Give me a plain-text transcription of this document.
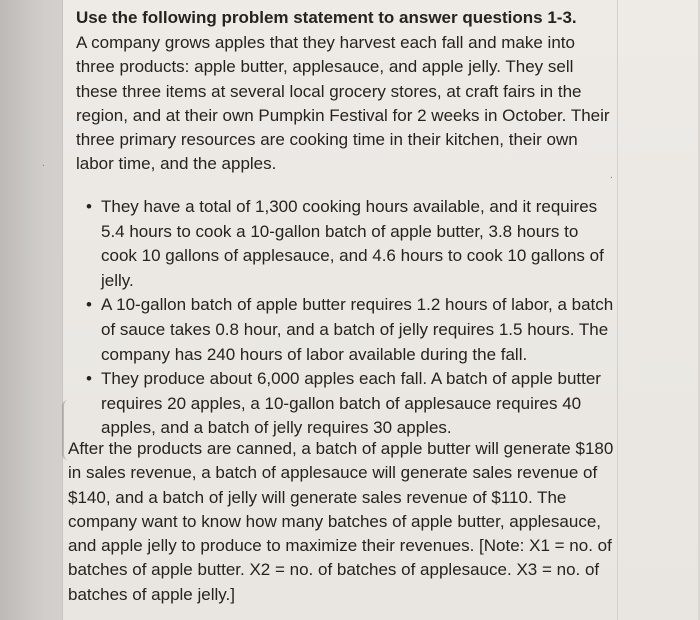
Use the following problem statement to answer questions 1-3.
A company grows apples that they harvest each fall and make into three products: apple butter, applesauce, and apple jelly. They sell these three items at several local grocery stores, at craft fairs in the region, and at their own Pumpkin Festival for 2 weeks in October. Their three primary resources are cooking time in their kitchen, their own labor time, and the apples.
• They have a total of 1,300 cooking hours available, and it requires 5.4 hours to cook a 10-gallon batch of apple butter, 3.8 hours to cook 10 gallons of applesauce, and 4.6 hours to cook 10 gallons of jelly.
• A 10-gallon batch of apple butter requires 1.2 hours of labor, a batch of sauce takes 0.8 hour, and a batch of jelly requires 1.5 hours. The company has 240 hours of labor available during the fall.
• They produce about 6,000 apples each fall. A batch of apple butter requires 20 apples, a 10-gallon batch of applesauce requires 40 apples, and a batch of jelly requires 30 apples.
After the products are canned, a batch of apple butter will generate $180 in sales revenue, a batch of applesauce will generate sales revenue of $140, and a batch of jelly will generate sales revenue of $110. The company want to know how many batches of apple butter, applesauce, and apple jelly to produce to maximize their revenues. [Note: X1 = no. of batches of apple butter. X2 = no. of batches of applesauce. X3 = no. of batches of apple jelly.]
.
.
